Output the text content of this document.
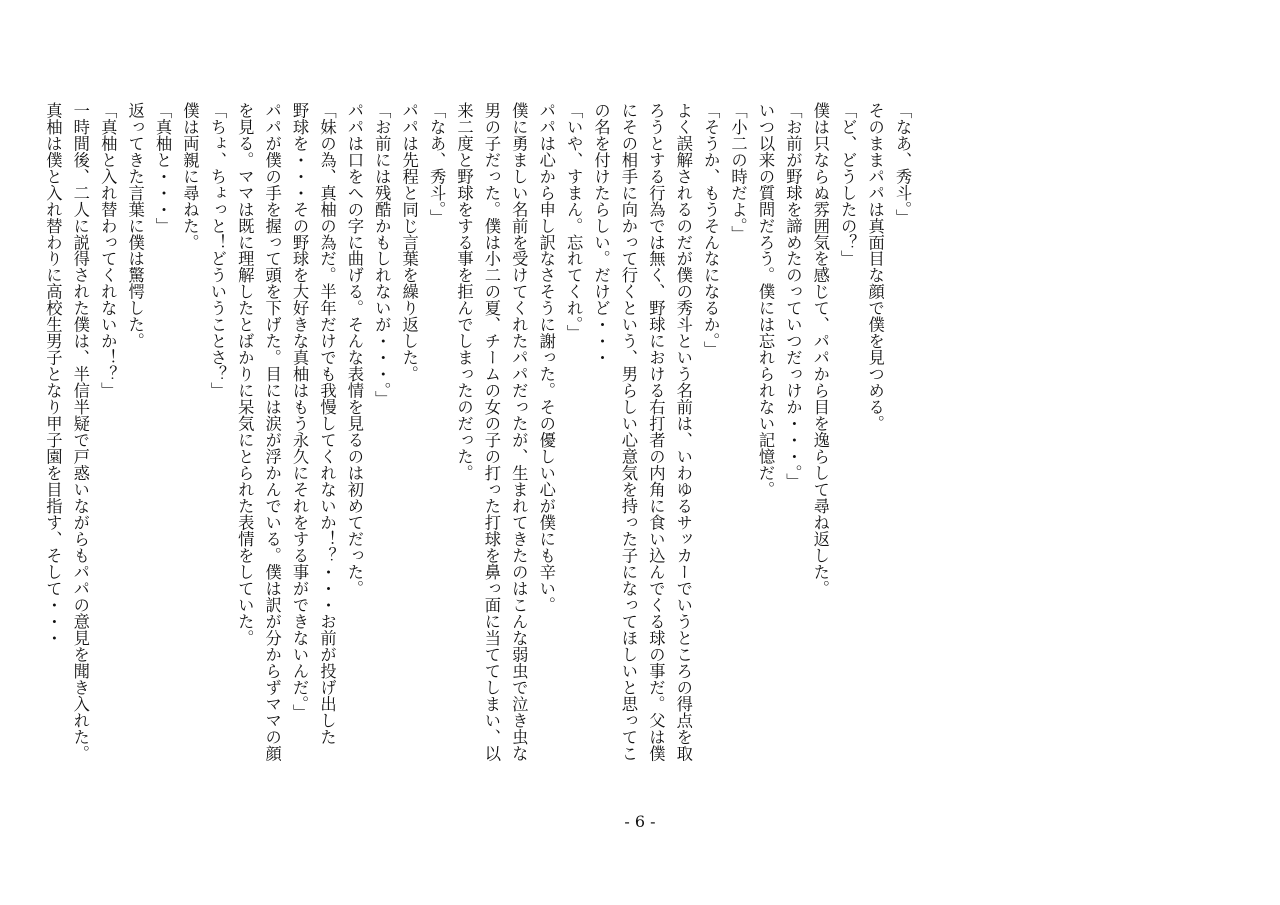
「なあ、秀斗。」
そのままパパは真面目な顔で僕を見つめる。
「ど、どうしたの？」
僕は只ならぬ雰囲気を感じて、パパから目を逸らして尋ね返した。
「お前が野球を諦めたのっていつだっけか・・・。」
いつ以来の質問だろう。僕には忘れられない記憶だ。
「小二の時だよ。」
「そうか、もうそんなになるか。」
よく誤解されるのだが僕の秀斗という名前は、いわゆるサッカーでいうところの得点を取
ろうとする行為では無く、野球における右打者の内角に食い込んでくる球の事だ。父は僕
にその相手に向かって行くという、男らしい心意気を持った子になってほしいと思ってこ
の名を付けたらしい。だけど・・・
「いや、すまん。忘れてくれ。」
パパは心から申し訳なさそうに謝った。その優しい心が僕にも辛い。
僕に勇ましい名前を受けてくれたパパだったが、生まれてきたのはこんな弱虫で泣き虫な
男の子だった。僕は小二の夏、チームの女の子の打った打球を鼻っ面に当ててしまい、以
来二度と野球をする事を拒んでしまったのだった。
「なあ、秀斗。」
パパは先程と同じ言葉を繰り返した。
「お前には残酷かもしれないが・・・。」
パパは口をへの字に曲げる。そんな表情を見るのは初めてだった。
「妹の為、真柚の為だ。半年だけでも我慢してくれないか！？・・・お前が投げ出した
野球を・・・その野球を大好きな真柚はもう永久にそれをする事ができないんだ。」
パパが僕の手を握って頭を下げた。目には涙が浮かんでいる。僕は訳が分からずママの顔
を見る。ママは既に理解したとばかりに呆気にとられた表情をしていた。
「ちょ、ちょっと！どういうことさ？」
僕は両親に尋ねた。
「真柚と・・・」
返ってきた言葉に僕は驚愕した。
「真柚と入れ替わってくれないか！？」
一時間後、二人に説得された僕は、半信半疑で戸惑いながらもパパの意見を聞き入れた。
真柚は僕と入れ替わりに高校生男子となり甲子園を目指す、そして・・・
- 6 -
